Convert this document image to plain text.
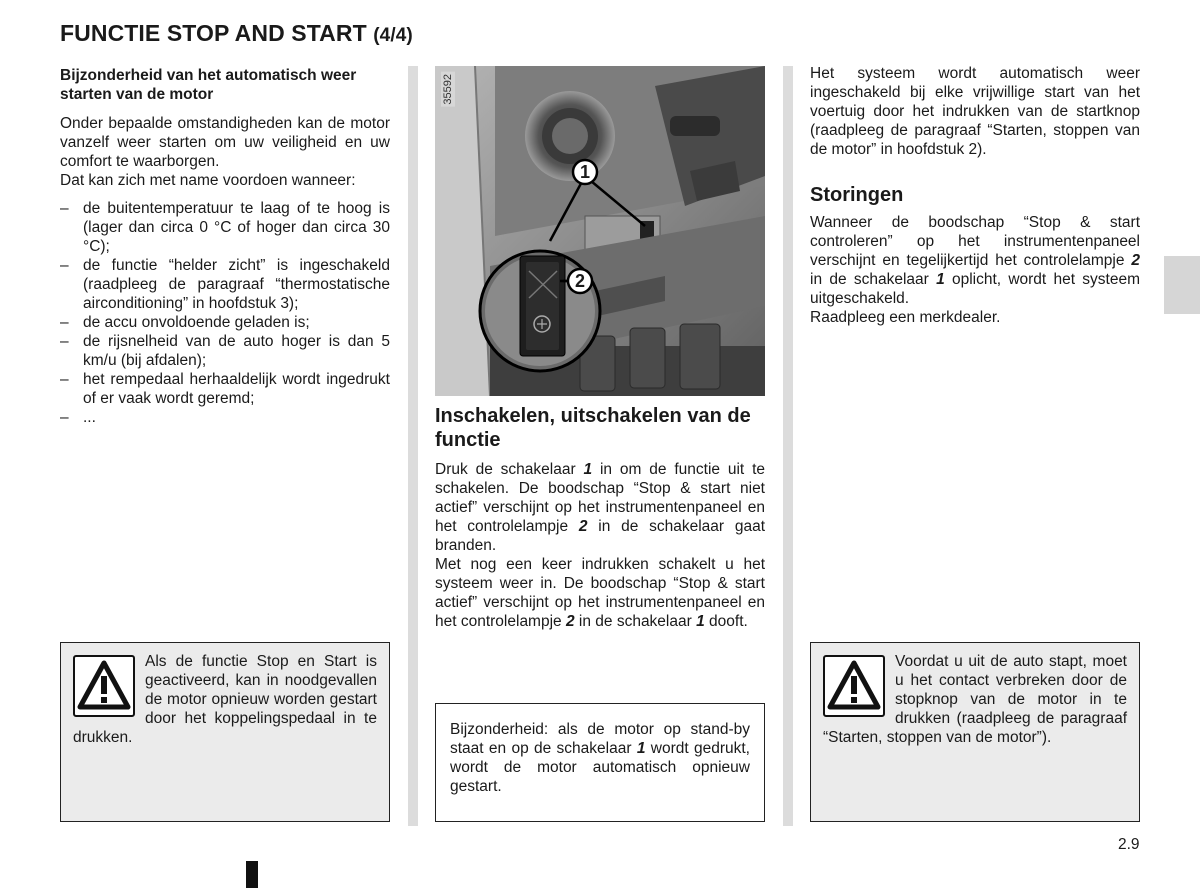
FUNCTIE STOP AND START (4/4)

Bijzonderheid van het automatisch weer starten van de motor

Onder bepaalde omstandigheden kan de motor vanzelf weer starten om uw veiligheid en uw comfort te waarborgen.

Dat kan zich met name voordoen wanneer:

– de buitentemperatuur te laag of te hoog is (lager dan circa 0 °C of hoger dan circa 30 °C);
– de functie “helder zicht” is ingeschakeld (raadpleeg de paragraaf “thermostatische airconditioning” in hoofdstuk 3);
– de accu onvoldoende geladen is;
– de rijsnelheid van de auto hoger is dan 5 km/u (bij afdalen);
– het rempedaal herhaaldelijk wordt ingedrukt of er vaak wordt geremd;
– ...
Als de functie Stop en Start is geactiveerd, kan in noodgevallen de motor opnieuw worden gestart door het koppelingspedaal in te drukken.
35592
1
2

Inschakelen, uitschakelen van de functie

Druk de schakelaar 1 in om de functie uit te schakelen. De boodschap “Stop & start niet actief” verschijnt op het instrumentenpaneel en het controlelampje 2 in de schakelaar gaat branden.

Met nog een keer indrukken schakelt u het systeem weer in. De boodschap “Stop & start actief” verschijnt op het instrumentenpaneel en het controlelampje 2 in de schakelaar 1 dooft.

Bijzonderheid: als de motor op stand-by staat en op de schakelaar 1 wordt gedrukt, wordt de motor automatisch opnieuw gestart.

Het systeem wordt automatisch weer ingeschakeld bij elke vrijwillige start van het voertuig door het indrukken van de startknop (raadpleeg de paragraaf “Starten, stoppen van de motor” in hoofdstuk 2).

Storingen

Wanneer de boodschap “Stop & start controleren” op het instrumentenpaneel verschijnt en tegelijkertijd het controlelampje 2 in de schakelaar 1 oplicht, wordt het systeem uitgeschakeld.

Raadpleeg een merkdealer.

Voordat u uit de auto stapt, moet u het contact verbreken door de stopknop van de motor in te drukken (raadpleeg de paragraaf “Starten, stoppen van de motor”).
2.9
